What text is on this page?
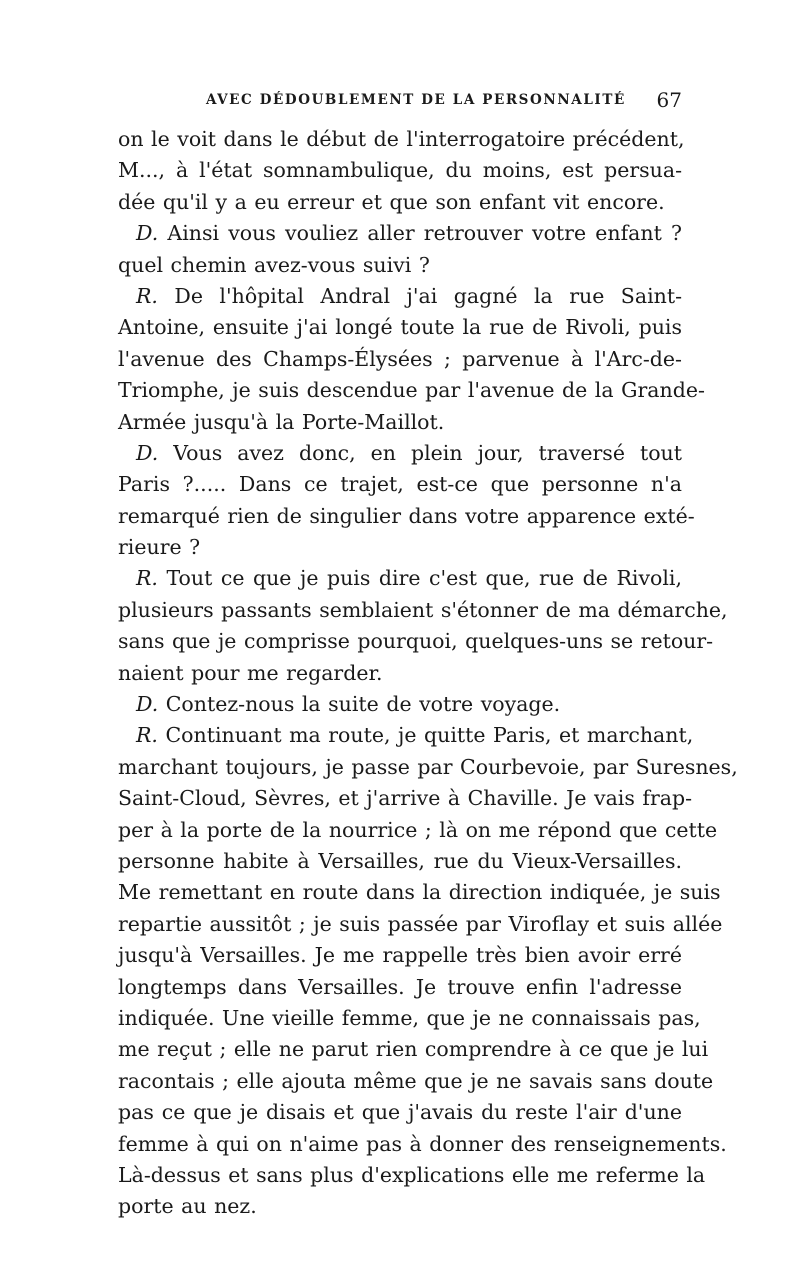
AVEC DÉDOUBLEMENT DE LA PERSONNALITÉ 67
on le voit dans le début de l'interrogatoire précédent,
M..., à l'état somnambulique, du moins, est persua-
dée qu'il y a eu erreur et que son enfant vit encore.
D. Ainsi vous vouliez aller retrouver votre enfant ?
quel chemin avez-vous suivi ?
R. De l'hôpital Andral j'ai gagné la rue Saint-
Antoine, ensuite j'ai longé toute la rue de Rivoli, puis
l'avenue des Champs-Élysées ; parvenue à l'Arc-de-
Triomphe, je suis descendue par l'avenue de la Grande-
Armée jusqu'à la Porte-Maillot.
D. Vous avez donc, en plein jour, traversé tout
Paris ?..... Dans ce trajet, est-ce que personne n'a
remarqué rien de singulier dans votre apparence exté-
rieure ?
R. Tout ce que je puis dire c'est que, rue de Rivoli,
plusieurs passants semblaient s'étonner de ma démarche,
sans que je comprisse pourquoi, quelques-uns se retour-
naient pour me regarder.
D. Contez-nous la suite de votre voyage.
R. Continuant ma route, je quitte Paris, et marchant,
marchant toujours, je passe par Courbevoie, par Suresnes,
Saint-Cloud, Sèvres, et j'arrive à Chaville. Je vais frap-
per à la porte de la nourrice ; là on me répond que cette
personne habite à Versailles, rue du Vieux-Versailles.
Me remettant en route dans la direction indiquée, je suis
repartie aussitôt ; je suis passée par Viroflay et suis allée
jusqu'à Versailles. Je me rappelle très bien avoir erré
longtemps dans Versailles. Je trouve enfin l'adresse
indiquée. Une vieille femme, que je ne connaissais pas,
me reçut ; elle ne parut rien comprendre à ce que je lui
racontais ; elle ajouta même que je ne savais sans doute
pas ce que je disais et que j'avais du reste l'air d'une
femme à qui on n'aime pas à donner des renseignements.
Là-dessus et sans plus d'explications elle me referme la
porte au nez.
